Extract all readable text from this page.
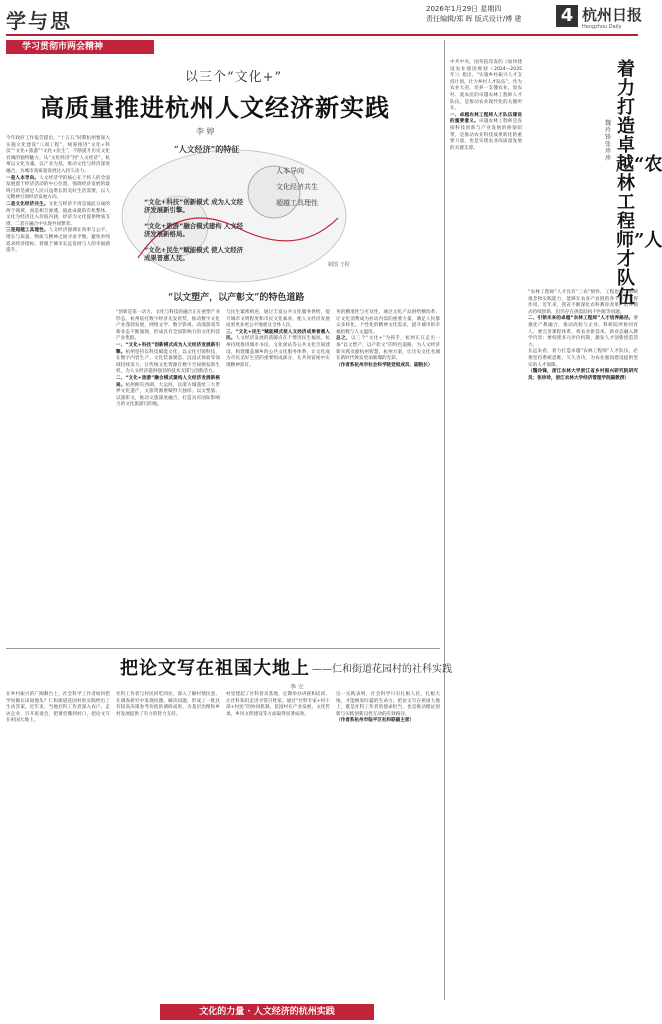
学与思	2026年1月29日 星期四
责任编辑/郑 晖 版式设计/傅 建 4 杭州日报
Hangzhou Daily
学习贯彻市两会精神
以三个“文化+”
高质量推进杭州人文经济新实践
李 婷
“人文经济”的特征
人本导向
文化经济共生
超越工具理性
“文化+科技”创新模式 成为人文经济发展新引擎。
“文化+旅游”融合模式建构 人文经济发展新格局。
“文化+民生”赋能模式 使人文经济成果普惠人民。
制图 王程
“以文塑产，以产彰文”的特色道路
今年政府工作报告提出，“十五五”时期杭州要深入实施文化建设“八项工程”，统筹推进“文化+科技”“文化+旅游”“文化+民生”，不断提升历史文化名城的独特魅力。从“文化经济”到“人文经济”，杭州以文化为魂、以产业为基，推动文化与经济深度融合，为城市高质量发展注入持久动力。
一是人本导向。人文经济学的核心在于将人的全面发展置于经济活动的中心位置，强调经济发展的最终目的是满足人民日益增长的美好生活需要，以人文精神引领经济发展方向。
二是文化经济共生。文化与经济不再是彼此分离的两个领域，而是相互渗透、彼此成就的有机整体。文化为经济注入价值内涵，经济为文化提供物质支撑，二者在融合中实现共同繁荣。
三是超越工具理性。人文经济强调在效率与公平、增长与质量、物质与精神之间寻求平衡，避免单纯追求经济指标，着眼于城市长远发展与人的幸福感提升。
“创新是第一动力，文化与科技的融合正在重塑产业形态。杭州依托数字经济先发优势，推动数字文化产业蓬勃发展，网络文学、数字影视、动漫游戏等新业态不断涌现，形成具有全国影响力的文化科技产业集群。
一、“文化+科技”创新模式成为人文经济发展新引擎。杭州坚持以科技赋能文化，以文化引领科技，在数字内容生产、文化装备制造、沉浸式体验等领域持续发力，让传统文化资源在数字空间焕发新生机，为人文经济提供强劲的技术支撑与创新活力。
二、“文化+旅游”融合模式建构人文经济发展新格局。杭州拥有西湖、大运河、良渚古城遗址三大世界文化遗产，文旅资源禀赋得天独厚。以文塑旅、以旅彰文，推动文旅深度融合，打造具有国际影响力的文化旅游目的地。
与民生紧密相连，通过丰富公共文化服务供给，提升城市文明程度和市民文化素养，使人文经济发展成果更多更公平地惠及全体人民。
三、“文化+民生”赋能模式使人文经济成果普惠人民。人文经济发展的落脚点在于增进民生福祉。杭州持续推进城市书房、文化驿站等公共文化空间建设，构建覆盖城乡的公共文化服务体系，让文化成为市民美好生活的重要组成部分，在共同富裕中实现精神富有。
务的精准性与可及性，通过文化产品供给侧改革，让文化消费成为拉动内需的重要力量，满足人民群众多样化、个性化的精神文化需求，提升城市的幸福指数与人文温度。
总之，以三个“文化+”为抓手，杭州正在走出一条“以文塑产，以产彰文”的特色道路，为人文经济新实践贡献杭州智慧、杭州方案，让历史文化名城在新时代焕发更加璀璨的光彩。
（作者系杭州市社会科学院党组成员、副院长）
把论文写在祖国大地上 ——仁和街道花园村的社科实践
李 立
在乡村振兴的广阔舞台上，社会科学工作者如何把学问做在田间地头？仁和街道花园村的实践给出了生动答案。近年来，当地社科工作者深入农户、走访企业、召开座谈会，把课堂搬到村口，把论文写在祖国大地上。
社科工作者与村民同吃同住，深入了解村情民意，在调查研究中发现问题、解决问题，形成了一批具有较高决策参考价值的调研成果，为基层治理和乡村发展提供了有力的智力支持。
村里建起了社科普及基地，定期举办讲座和培训，让社科知识走进寻常百姓家。通过“社科专家+村干部+村民”的协同机制，花园村在产业发展、文化传承、乡风文明建设等方面取得显著成效。
这一实践表明，社会科学只有扎根人民、扎根大地，才能焕发旺盛的生命力。把论文写在祖国大地上，既是社科工作者的使命担当，也是推动理论创新与实践创新良性互动的有效路径。
（作者系杭州市临平区社科联副主席）
着力打造卓越“农林工程师”人才队伍
魏玲锋 张珍珍
中共中央、国务院印发的《加快建设农业强国规划（2024—2035年）》指出，“实施乡村振兴人才支持计划，壮大乡村人才队伍”。作为农业大省，培养一支懂农业、爱农村、爱农民的卓越农林工程师人才队伍，是推动农业现代化的关键所在。
一、卓越农林工程师人才队伍建设的重要意义。卓越农林工程师是连接科技创新与产业发展的桥梁纽带，是推动农业科技成果转化的重要力量，也是实现农业高质量发展的关键支撑。
“农林工程师”人才具有“三农”情怀、工程思维、系统观念和实践能力，能够在农业产业链的各个环节发挥作用。近年来，我省不断深化农科教育改革，培养模式持续创新，但仍存在供需结构不匹配等问题。
二、引领未来的卓越“农林工程师”人才培养路径。要强化产教融合，推动高校与企业、科研院所协同育人；要完善课程体系，将农业新技术、新业态融入教学内容；要构建多元评价机制，激发人才创新创造活力。
长远来看，着力打造卓越“农林工程师”人才队伍，必须坚持系统思维，久久为功，为农业强国建设提供坚实的人才保障。
（魏玲锋，浙江农林大学浙江省乡村振兴研究院研究员；张珍珍，浙江农林大学经济管理学院副教授）
文化的力量 · 人文经济的杭州实践
